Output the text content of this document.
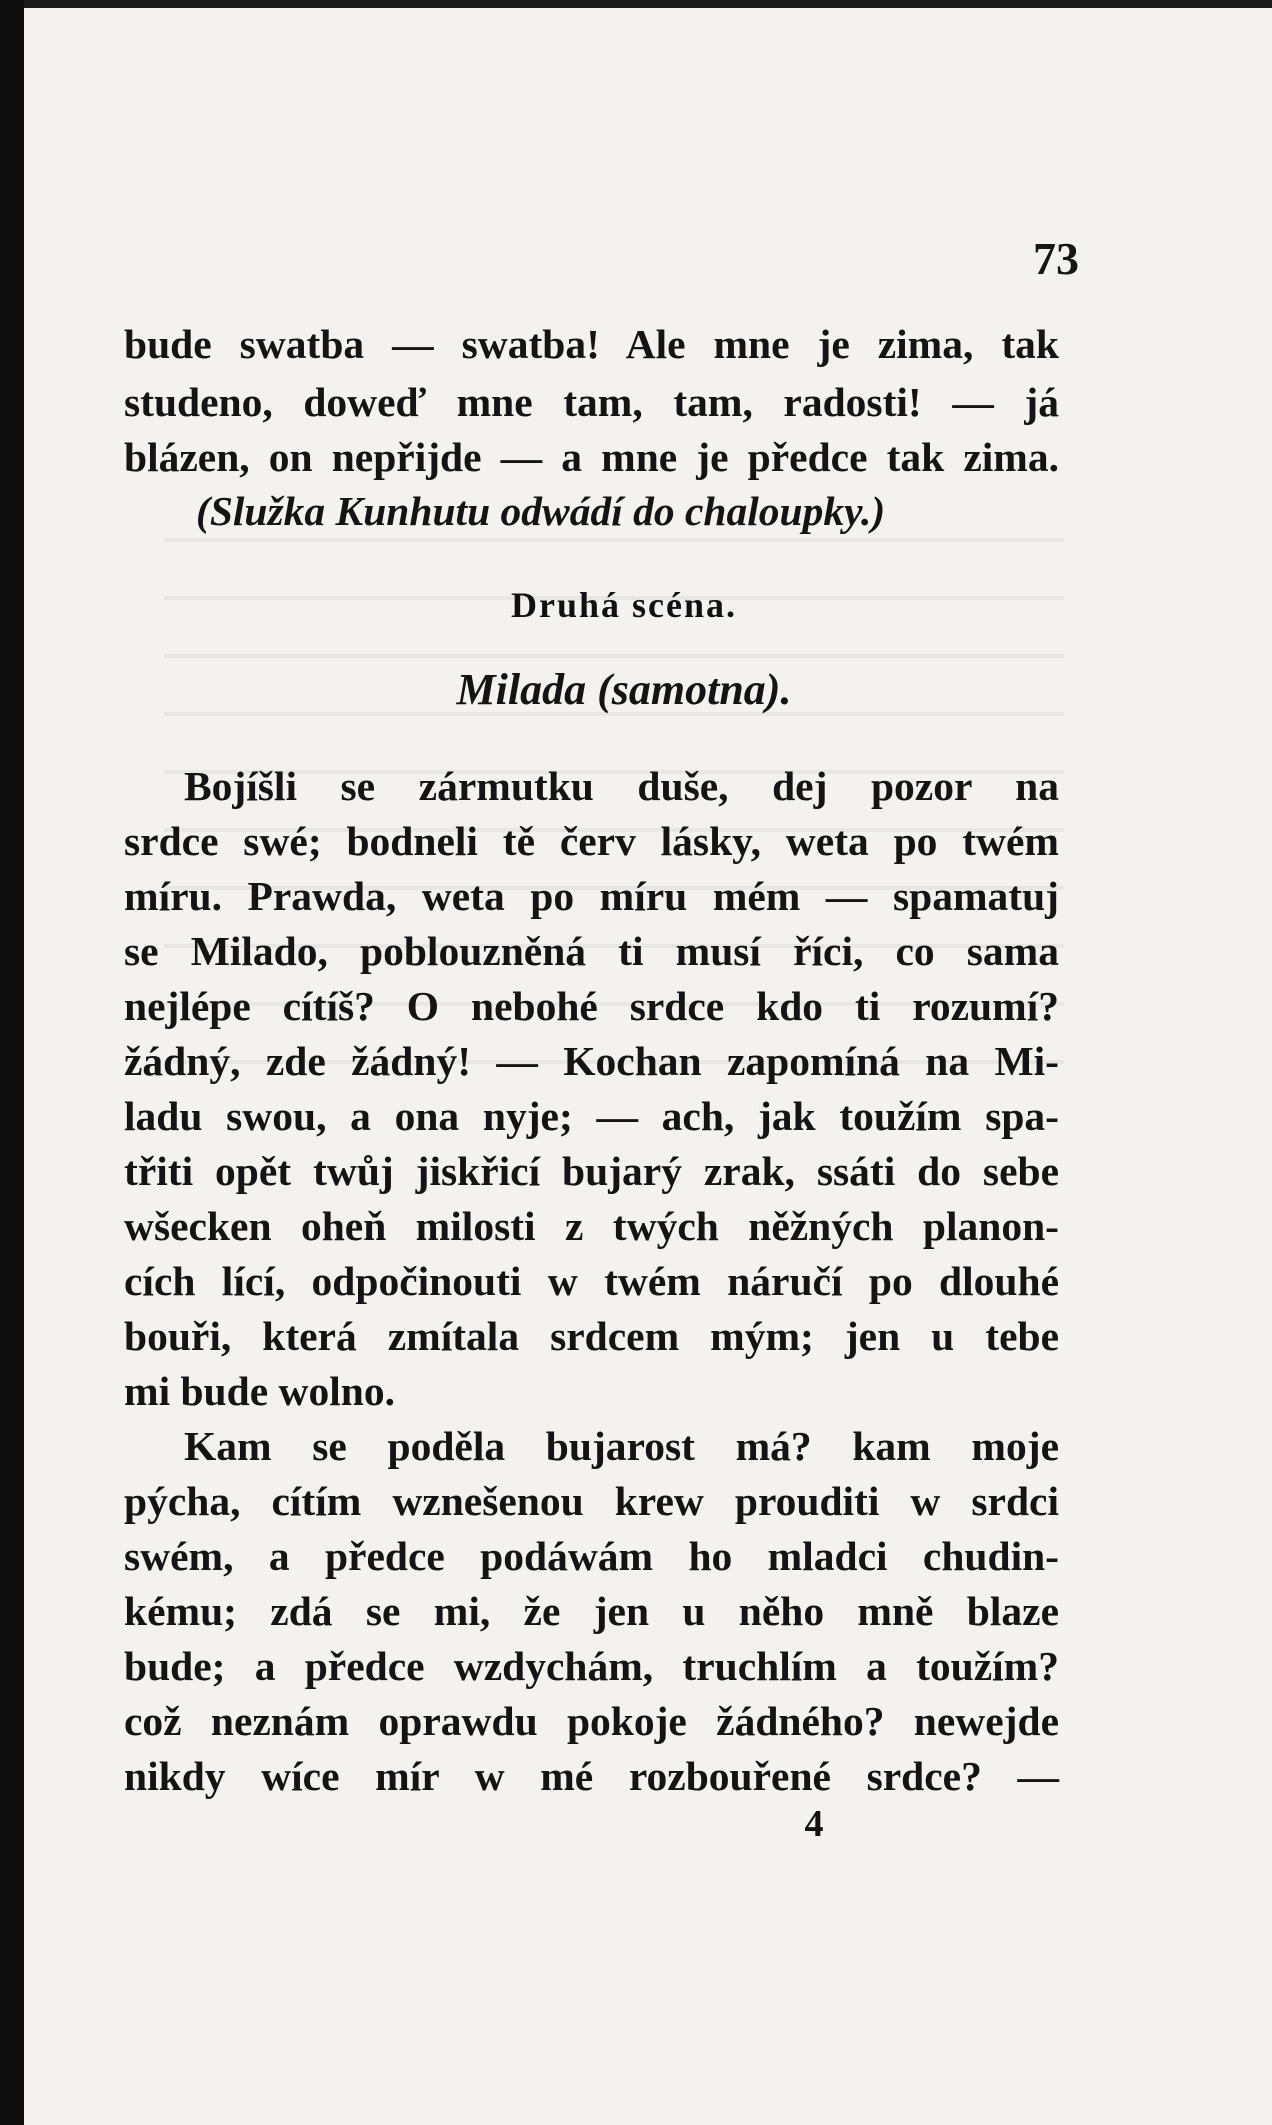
73
bude swatba — swatba! Ale mne je zima, tak
studeno, doweď mne tam, tam, radosti! — já
blázen, on nepřijde — a mne je předce tak zima.
(Služka Kunhutu odwádí do chaloupky.)
Druhá scéna.
Milada (samotna).
Bojíšli se zármutku duše, dej pozor na
srdce swé; bodneli tě červ lásky, weta po twém
míru. Prawda, weta po míru mém — spamatuj
se Milado, poblouzněná ti musí říci, co sama
nejlépe cítíš? O nebohé srdce kdo ti rozumí?
žádný, zde žádný! — Kochan zapomíná na Mi-
ladu swou, a ona nyje; — ach, jak toužím spa-
třiti opět twůj jiskřicí bujarý zrak, ssáti do sebe
wšecken oheň milosti z twých něžných planon-
cích lící, odpočinouti w twém náručí po dlouhé
bouři, která zmítala srdcem mým; jen u tebe
mi bude wolno.
Kam se poděla bujarost má? kam moje
pýcha, cítím wznešenou krew prouditi w srdci
swém, a předce podáwám ho mladci chudin-
kému; zdá se mi, že jen u něho mně blaze
bude; a předce wzdychám, truchlím a toužím?
což neznám oprawdu pokoje žádného? newejde
nikdy wíce mír w mé rozbouřené srdce? —
4
